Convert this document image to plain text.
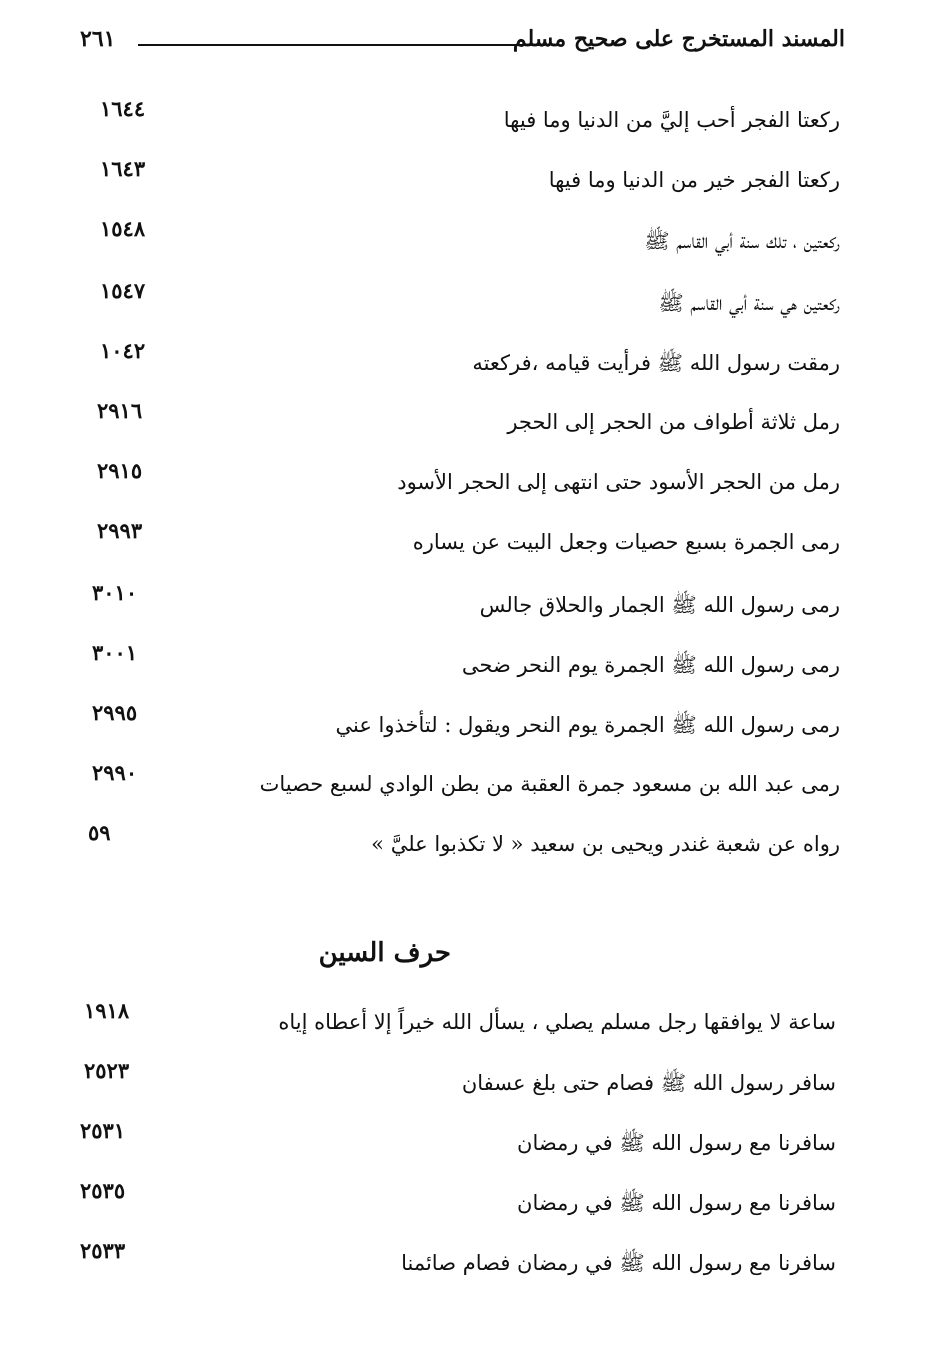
٢٦١	المسند المستخرج على صحيح مسلم
ركعتا الفجر أحب إليَّ من الدنيا وما فيها
١٦٤٤
ركعتا الفجر خير من الدنيا وما فيها
١٦٤٣
ركعتين ، تلك سنة أبي القاسم ﷺ
١٥٤٨
ركعتين هي سنة أبي القاسم ﷺ
١٥٤٧
رمقت رسول الله ﷺ فرأيت قيامه ،فركعته
١٠٤٢
رمل ثلاثة أطواف من الحجر إلى الحجر
٢٩١٦
رمل من الحجر الأسود حتى انتهى إلى الحجر الأسود
٢٩١٥
رمى الجمرة بسبع حصيات وجعل البيت عن يساره
٢٩٩٣
رمى رسول الله ﷺ الجمار والحلاق جالس
٣٠١٠
رمى رسول الله ﷺ الجمرة يوم النحر ضحى
٣٠٠١
رمى رسول الله ﷺ الجمرة يوم النحر ويقول : لتأخذوا عني
٢٩٩٥
رمى عبد الله بن مسعود جمرة العقبة من بطن الوادي لسبع حصيات
٢٩٩٠
رواه عن شعبة غندر ويحيى بن سعيد « لا تكذبوا عليَّ »
٥٩
حرف السين
ساعة لا يوافقها رجل مسلم يصلي ، يسأل الله خيراً إلا أعطاه إياه
١٩١٨
سافر رسول الله ﷺ فصام حتى بلغ عسفان
٢٥٢٣
سافرنا مع رسول الله ﷺ في رمضان
٢٥٣١
سافرنا مع رسول الله ﷺ في رمضان
٢٥٣٥
سافرنا مع رسول الله ﷺ في رمضان فصام صائمنا
٢٥٣٣
